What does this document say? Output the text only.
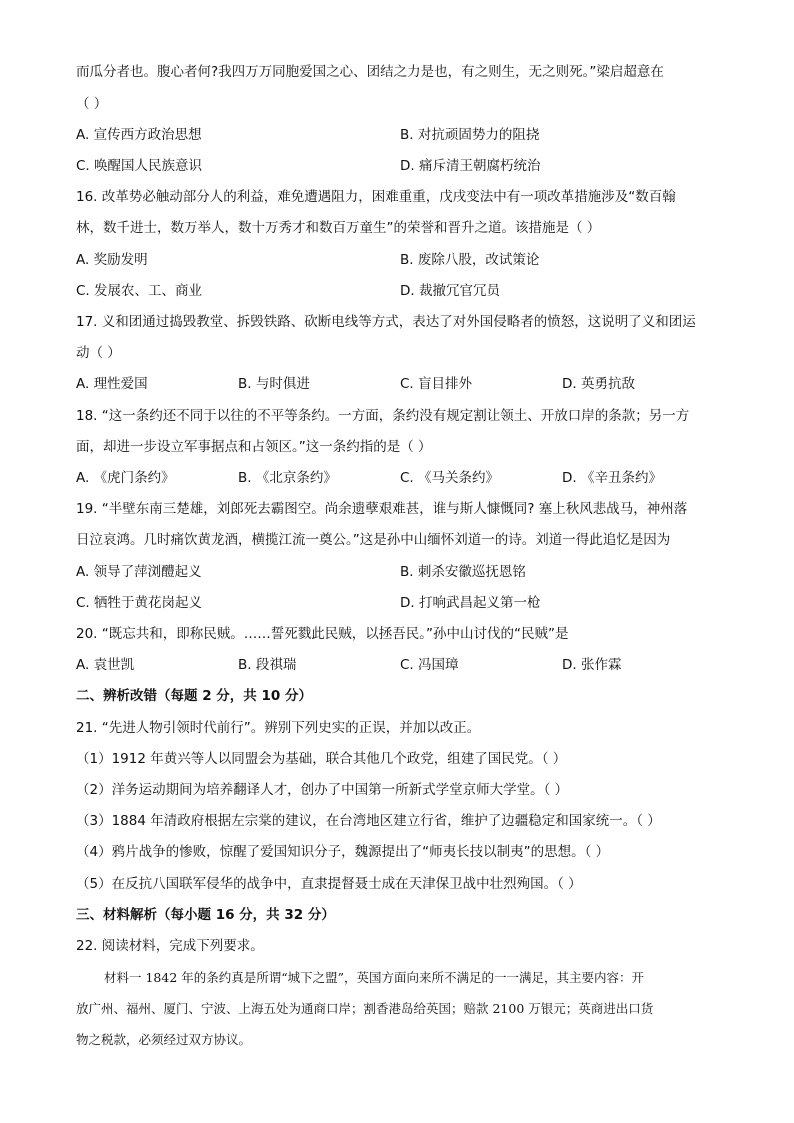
而瓜分者也。腹心者何?我四万万同胞爱国之心、团结之力是也，有之则生，无之则死。”梁启超意在
（ ）
A. 宣传西方政治思想	B. 对抗顽固势力的阻挠
C. 唤醒国人民族意识	D. 痛斥清王朝腐朽统治
16. 改革势必触动部分人的利益，难免遭遇阻力，困难重重，戊戌变法中有一项改革措施涉及“数百翰
林，数千进士，数万举人，数十万秀才和数百万童生”的荣誉和晋升之道。该措施是（ ）
A. 奖励发明	B. 废除八股，改试策论
C. 发展农、工、商业	D. 裁撤冗官冗员
17. 义和团通过捣毁教堂、拆毁铁路、砍断电线等方式，表达了对外国侵略者的愤怒，这说明了义和团运
动（ ）
A. 理性爱国	B. 与时俱进	C. 盲目排外	D. 英勇抗敌
18. “这一条约还不同于以往的不平等条约。一方面，条约没有规定割让领土、开放口岸的条款；另一方
面，却进一步设立军事据点和占领区。”这一条约指的是（ ）
A. 《虎门条约》	B. 《北京条约》	C. 《马关条约》	D. 《辛丑条约》
19. “半壁东南三楚雄，刘郎死去霸图空。尚余遗孽艰难甚，谁与斯人慷慨同? 塞上秋风悲战马，神州落
日泣哀鸿。几时痛饮黄龙酒，横揽江流一奠公。”这是孙中山缅怀刘道一的诗。刘道一得此追忆是因为
A. 领导了萍浏醴起义	B. 刺杀安徽巡抚恩铭
C. 牺牲于黄花岗起义	D. 打响武昌起义第一枪
20. “既忘共和，即称民贼。……誓死戮此民贼，以拯吾民。”孙中山讨伐的“民贼”是
A. 袁世凯	B. 段祺瑞	C. 冯国璋	D. 张作霖
二、辨析改错（每题 2 分，共 10 分）
21. “先进人物引领时代前行”。辨别下列史实的正误，并加以改正。
（1）1912 年黄兴等人以同盟会为基础，联合其他几个政党，组建了国民党。（ ）
（2）洋务运动期间为培养翻译人才，创办了中国第一所新式学堂京师大学堂。（ ）
（3）1884 年清政府根据左宗棠的建议，在台湾地区建立行省，维护了边疆稳定和国家统一。（ ）
（4）鸦片战争的惨败，惊醒了爱国知识分子，魏源提出了“师夷长技以制夷”的思想。（ ）
（5）在反抗八国联军侵华的战争中，直隶提督聂士成在天津保卫战中壮烈殉国。（ ）
三、材料解析（每小题 16 分，共 32 分）
22. 阅读材料，完成下列要求。
材料一 1842 年的条约真是所谓“城下之盟”，英国方面向来所不满足的一一满足，其主要内容：开
放广州、福州、厦门、宁波、上海五处为通商口岸；割香港岛给英国；赔款 2100 万银元；英商进出口货
物之税款，必须经过双方协议。
